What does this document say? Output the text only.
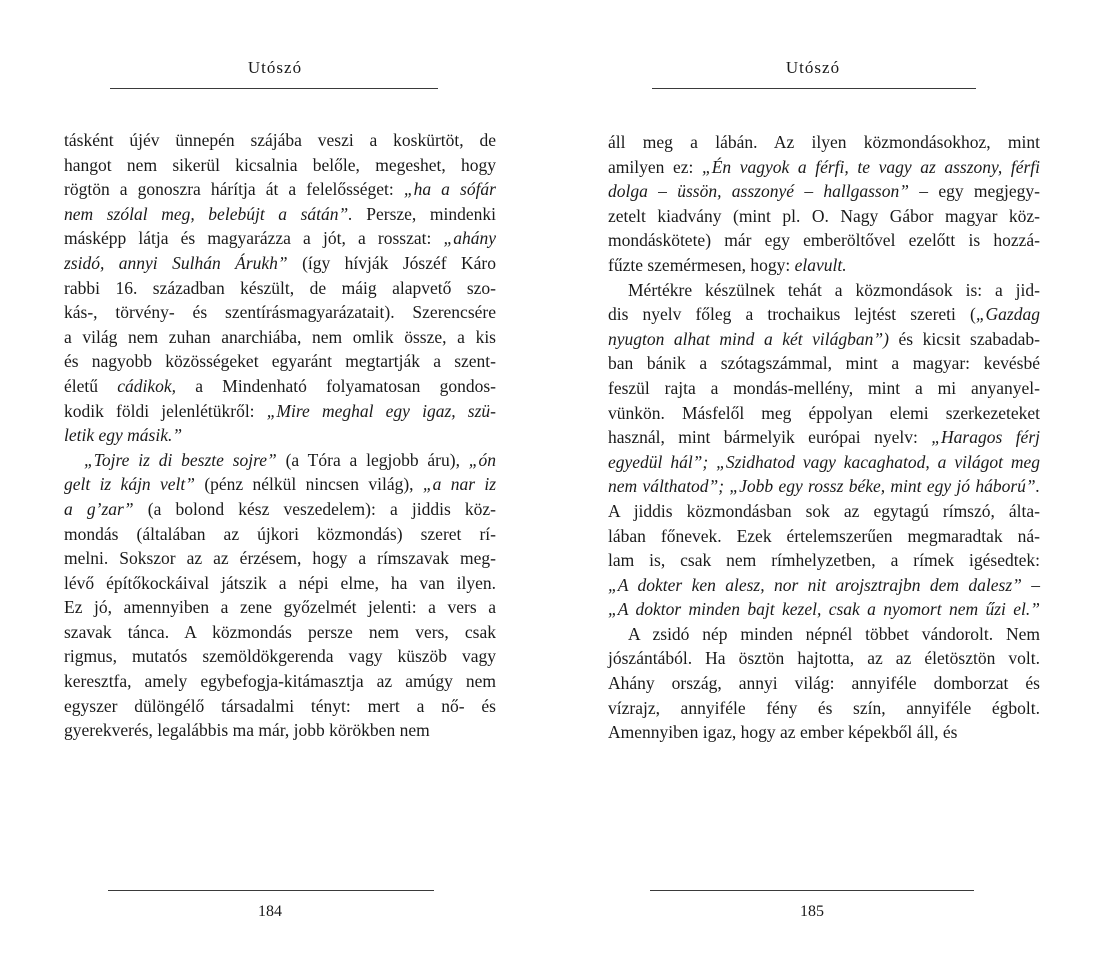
Utószó
tásként újév ünnepén szájába veszi a koskürtöt, de
hangot nem sikerül kicsalnia belőle, megeshet, hogy
rögtön a gonoszra hárítja át a felelősséget: „ha a sófár
nem szólal meg, belebújt a sátán”. Persze, mindenki
másképp látja és magyarázza a jót, a rosszat: „ahány
zsidó, annyi Sulhán Árukh” (így hívják Jószéf Káro
rabbi 16. században készült, de máig alapvető szo-
kás-, törvény- és szentírásmagyarázatait). Szerencsére
a világ nem zuhan anarchiába, nem omlik össze, a kis
és nagyobb közösségeket egyaránt megtartják a szent-
életű cádikok, a Mindenható folyamatosan gondos-
kodik földi jelenlétükről: „Mire meghal egy igaz, szü-
letik egy másik.”
„Tojre iz di beszte sojre” (a Tóra a legjobb áru), „ón
gelt iz kájn velt” (pénz nélkül nincsen világ), „a nar iz
a g’zar” (a bolond kész veszedelem): a jiddis köz-
mondás (általában az újkori közmondás) szeret rí-
melni. Sokszor az az érzésem, hogy a rímszavak meg-
lévő építőkockáival játszik a népi elme, ha van ilyen.
Ez jó, amennyiben a zene győzelmét jelenti: a vers a
szavak tánca. A közmondás persze nem vers, csak
rigmus, mutatós szemöldökgerenda vagy küszöb vagy
keresztfa, amely egybefogja-kitámasztja az amúgy nem
egyszer dülöngélő társadalmi tényt: mert a nő- és
gyerekverés, legalábbis ma már, jobb körökben nem
184
Utószó
áll meg a lábán. Az ilyen közmondásokhoz, mint
amilyen ez: „Én vagyok a férfi, te vagy az asszony, férfi
dolga – üssön, asszonyé – hallgasson” – egy megjegy-
zetelt kiadvány (mint pl. O. Nagy Gábor magyar köz-
mondáskötete) már egy emberöltővel ezelőtt is hozzá-
fűzte szemérmesen, hogy: elavult.
Mértékre készülnek tehát a közmondások is: a jid-
dis nyelv főleg a trochaikus lejtést szereti („Gazdag
nyugton alhat mind a két világban”) és kicsit szabadab-
ban bánik a szótagszámmal, mint a magyar: kevésbé
feszül rajta a mondás-mellény, mint a mi anyanyel-
vünkön. Másfelől meg éppolyan elemi szerkezeteket
használ, mint bármelyik európai nyelv: „Haragos férj
egyedül hál”; „Szidhatod vagy kacaghatod, a világot meg
nem válthatod”; „Jobb egy rossz béke, mint egy jó háború”.
A jiddis közmondásban sok az egytagú rímszó, álta-
lában főnevek. Ezek értelemszerűen megmaradtak ná-
lam is, csak nem rímhelyzetben, a rímek igésedtek:
„A dokter ken alesz, nor nit arojsztrajbn dem dalesz” –
„A doktor minden bajt kezel, csak a nyomort nem űzi el.”
A zsidó nép minden népnél többet vándorolt. Nem
jószántából. Ha ösztön hajtotta, az az életösztön volt.
Ahány ország, annyi világ: annyiféle domborzat és
vízrajz, annyiféle fény és szín, annyiféle égbolt.
Amennyiben igaz, hogy az ember képekből áll, és
185
